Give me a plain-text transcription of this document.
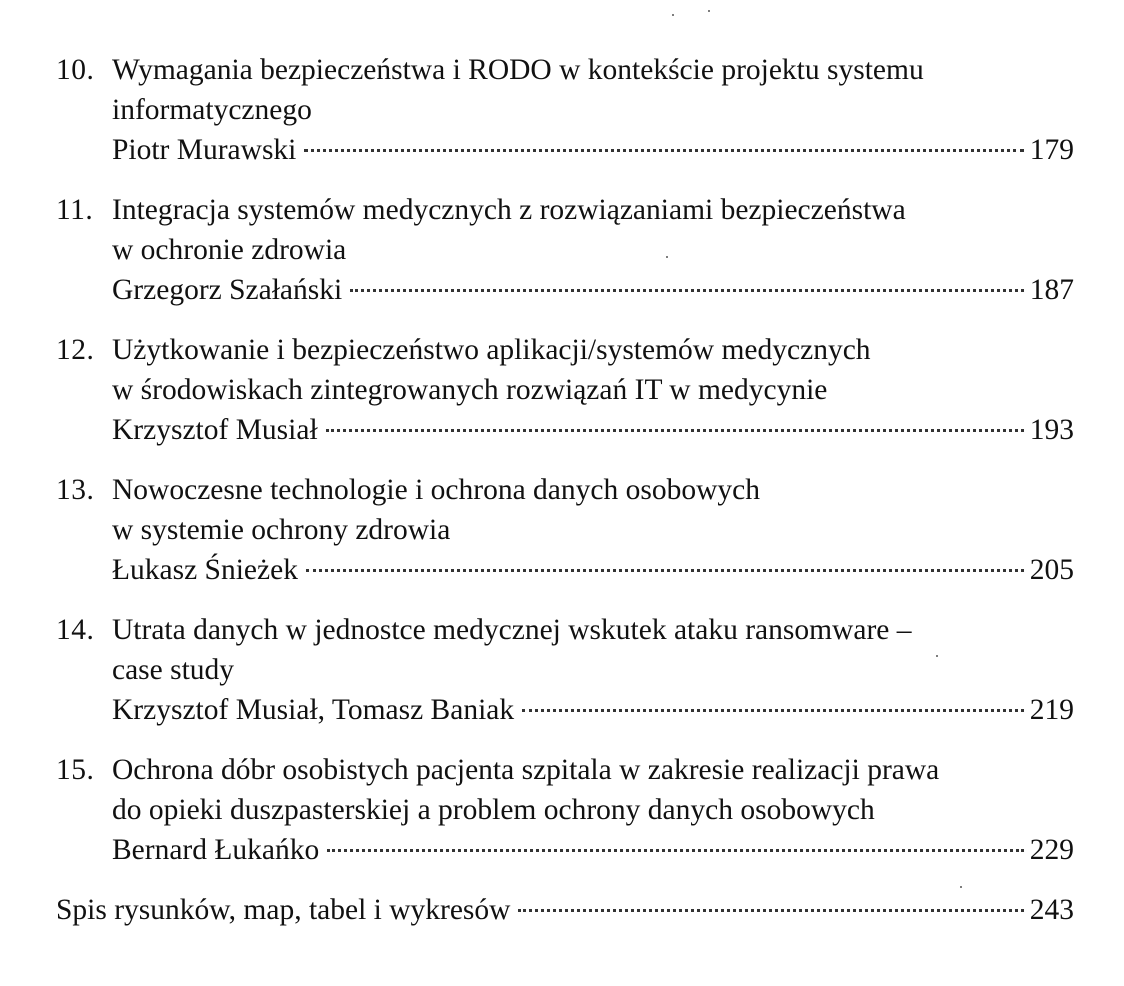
10. Wymagania bezpieczeństwa i RODO w kontekście projektu systemu
informatycznego
Piotr Murawski	179
11. Integracja systemów medycznych z rozwiązaniami bezpieczeństwa
w ochronie zdrowia
Grzegorz Szałański	187
12. Użytkowanie i bezpieczeństwo aplikacji/systemów medycznych
w środowiskach zintegrowanych rozwiązań IT w medycynie
Krzysztof Musiał	193
13. Nowoczesne technologie i ochrona danych osobowych
w systemie ochrony zdrowia
Łukasz Śnieżek	205
14. Utrata danych w jednostce medycznej wskutek ataku ransomware –
case study
Krzysztof Musiał, Tomasz Baniak	219
15. Ochrona dóbr osobistych pacjenta szpitala w zakresie realizacji prawa
do opieki duszpasterskiej a problem ochrony danych osobowych
Bernard Łukańko	229
Spis rysunków, map, tabel i wykresów	243
